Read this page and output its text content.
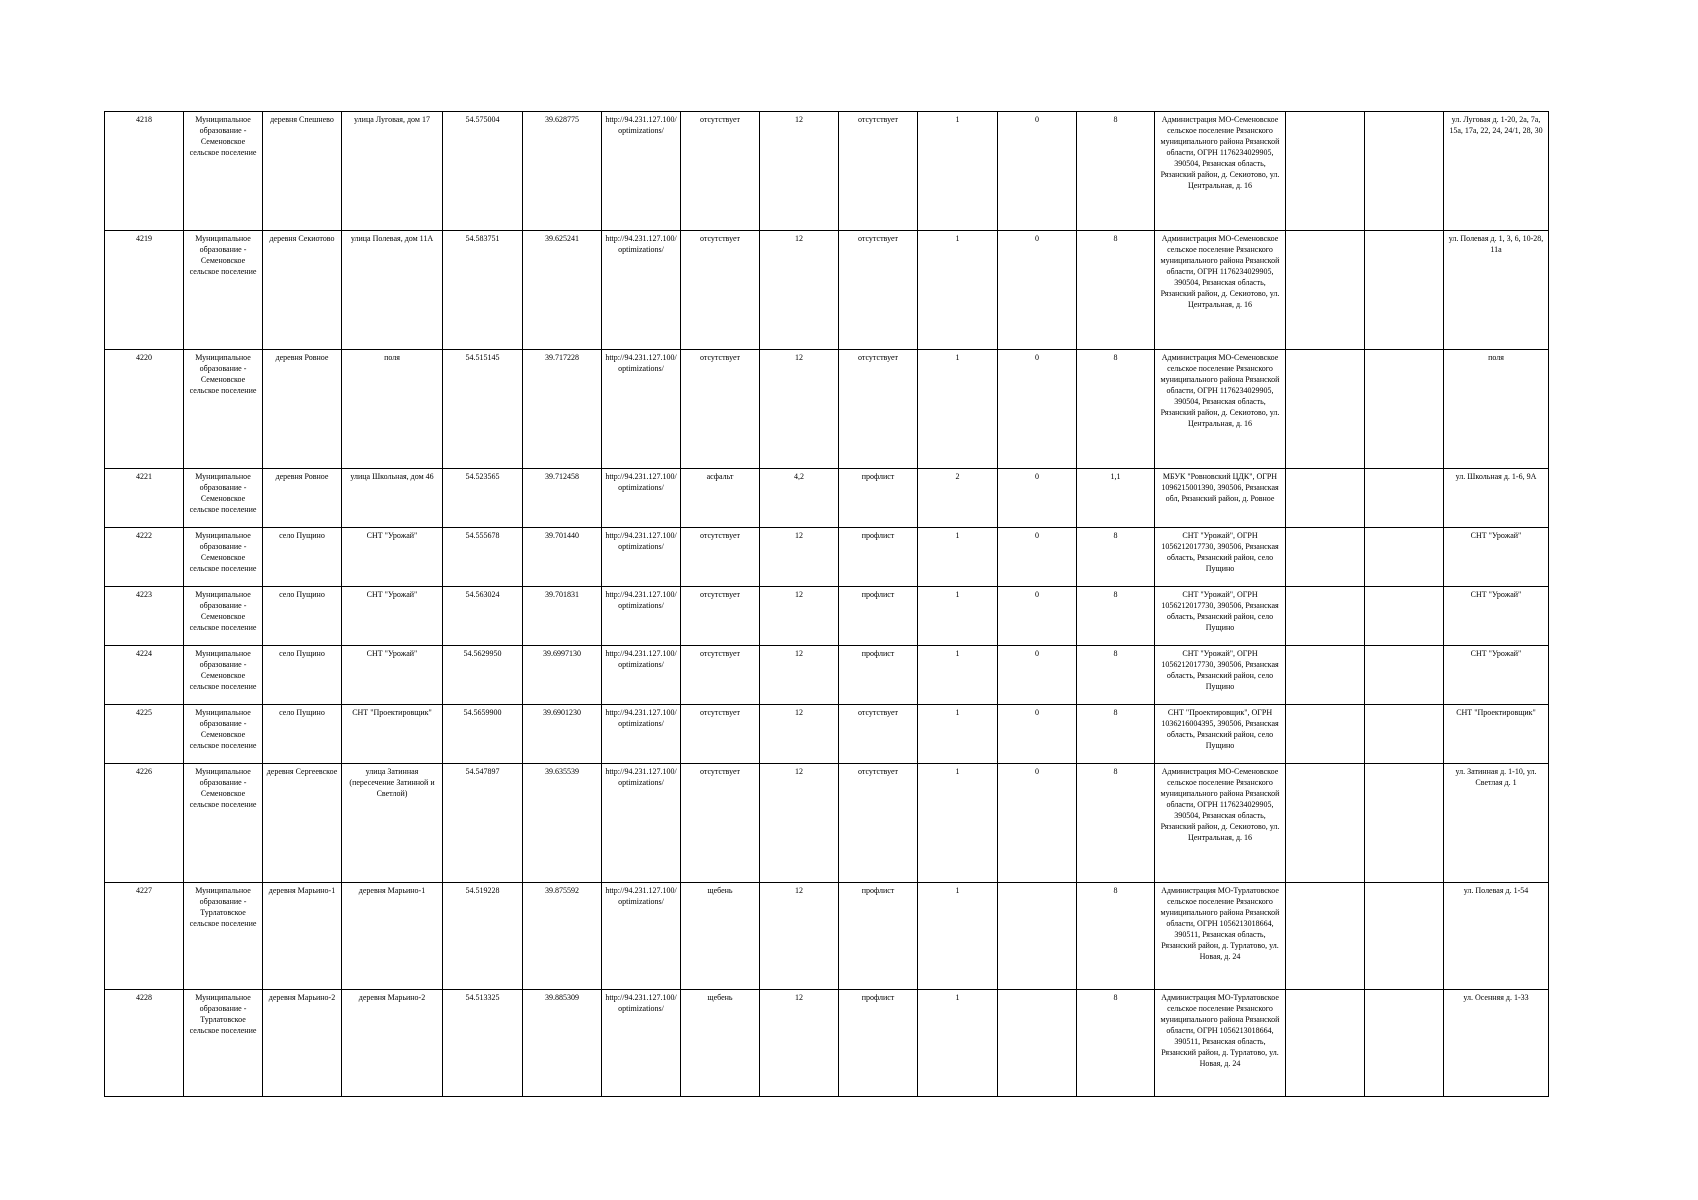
4218	Муниципальное образование - Семеновское сельское поселение	деревня Спешнево	улица Луговая, дом 17	54.575004	39.628775	http://94.231.127.100/optimizations/	отсутствует	12	отсутствует	1	0	8	Администрация МО-Семеновское сельское поселение Рязанского муниципального района Рязанской области, ОГРН 1176234029905, 390504, Рязанская область, Рязанский район, д. Секиотово, ул. Центральная, д. 16			ул. Луговая д. 1-20, 2а, 7а, 15а, 17а, 22, 24, 24/1, 28, 30
4219	Муниципальное образование - Семеновское сельское поселение	деревня Секиотово	улица Полевая, дом 11А	54.583751	39.625241	http://94.231.127.100/optimizations/	отсутствует	12	отсутствует	1	0	8	Администрация МО-Семеновское сельское поселение Рязанского муниципального района Рязанской области, ОГРН 1176234029905, 390504, Рязанская область, Рязанский район, д. Секиотово, ул. Центральная, д. 16			ул. Полевая д. 1, 3, 6, 10-28, 11а
4220	Муниципальное образование - Семеновское сельское поселение	деревня Ровное	поля	54.515145	39.717228	http://94.231.127.100/optimizations/	отсутствует	12	отсутствует	1	0	8	Администрация МО-Семеновское сельское поселение Рязанского муниципального района Рязанской области, ОГРН 1176234029905, 390504, Рязанская область, Рязанский район, д. Секиотово, ул. Центральная, д. 16			поля
4221	Муниципальное образование - Семеновское сельское поселение	деревня Ровное	улица Школьная, дом 46	54.523565	39.712458	http://94.231.127.100/optimizations/	асфальт	4,2	профлист	2	0	1,1	МБУК "Ровновский ЦДК", ОГРН 1096215001390, 390506, Рязанская обл, Рязанский район, д. Ровное			ул. Школьная д. 1-6, 9А
4222	Муниципальное образование - Семеновское сельское поселение	село Пущино	СНТ "Урожай"	54.555678	39.701440	http://94.231.127.100/optimizations/	отсутствует	12	профлист	1	0	8	СНТ "Урожай", ОГРН 1056212017730, 390506, Рязанская область, Рязанский район, село Пущино			СНТ "Урожай"
4223	Муниципальное образование - Семеновское сельское поселение	село Пущино	СНТ "Урожай"	54.563024	39.701831	http://94.231.127.100/optimizations/	отсутствует	12	профлист	1	0	8	СНТ "Урожай", ОГРН 1056212017730, 390506, Рязанская область, Рязанский район, село Пущино			СНТ "Урожай"
4224	Муниципальное образование - Семеновское сельское поселение	село Пущино	СНТ "Урожай"	54.5629950	39.6997130	http://94.231.127.100/optimizations/	отсутствует	12	профлист	1	0	8	СНТ "Урожай", ОГРН 1056212017730, 390506, Рязанская область, Рязанский район, село Пущино			СНТ "Урожай"
4225	Муниципальное образование - Семеновское сельское поселение	село Пущино	СНТ "Проектировщик"	54.5659900	39.6901230	http://94.231.127.100/optimizations/	отсутствует	12	отсутствует	1	0	8	СНТ "Проектировщик", ОГРН 1036216004395, 390506, Рязанская область, Рязанский район, село Пущино			СНТ "Проектировщик"
4226	Муниципальное образование - Семеновское сельское поселение	деревня Сергеевское	улица Затинная (пересечение Затинной и Светлой)	54.547897	39.635539	http://94.231.127.100/optimizations/	отсутствует	12	отсутствует	1	0	8	Администрация МО-Семеновское сельское поселение Рязанского муниципального района Рязанской области, ОГРН 1176234029905, 390504, Рязанская область, Рязанский район, д. Секиотово, ул. Центральная, д. 16			ул. Затинная д. 1-10, ул. Светлая д. 1
4227	Муниципальное образование - Турлатовское сельское поселение	деревня Марьино-1	деревня Марьино-1	54.519228	39.875592	http://94.231.127.100/optimizations/	щебень	12	профлист	1		8	Администрация МО-Турлатовское сельское поселение Рязанского муниципального района Рязанской области, ОГРН 1056213018664, 390511, Рязанская область, Рязанский район, д. Турлатово, ул. Новая, д. 24			ул. Полевая д. 1-54
4228	Муниципальное образование - Турлатовское сельское поселение	деревня Марьино-2	деревня Марьино-2	54.513325	39.885309	http://94.231.127.100/optimizations/	щебень	12	профлист	1		8	Администрация МО-Турлатовское сельское поселение Рязанского муниципального района Рязанской области, ОГРН 1056213018664, 390511, Рязанская область, Рязанский район, д. Турлатово, ул. Новая, д. 24			ул. Осенняя д. 1-33
